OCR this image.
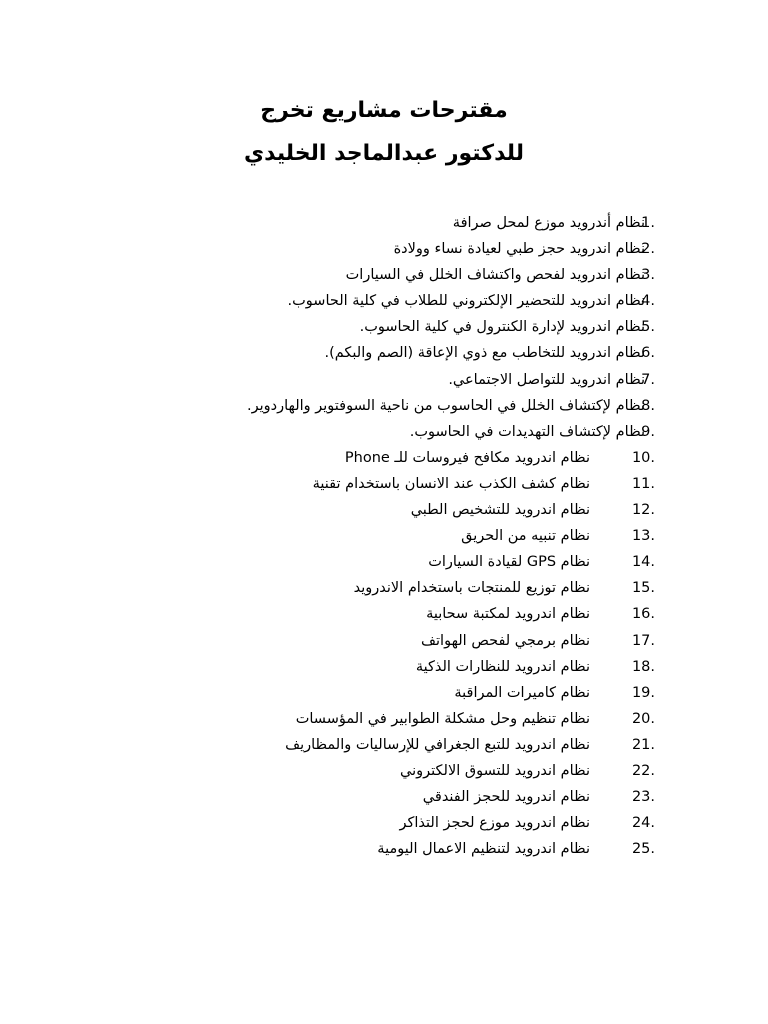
مقترحات مشاريع تخرج
للدكتور عبدالماجد الخليدي
1.
نظام أندرويد موزع لمحل صرافة
2.
نظام اندرويد حجز طبي لعيادة نساء وولادة
3.
نظام اندرويد لفحص واكتشاف الخلل في السيارات
4.
نظام اندرويد للتحضير الإلكتروني للطلاب في كلية الحاسوب.
5.
نظام اندرويد لإدارة الكنترول في كلية الحاسوب.
6.
نظام اندرويد للتخاطب مع ذوي الإعاقة (الصم والبكم).
7.
نظام اندرويد للتواصل الاجتماعي.
8.
نظام لإكتشاف الخلل في الحاسوب من ناحية السوفتوير والهاردوير.
9.
نظام لإكتشاف التهديدات في الحاسوب.
10.
نظام اندرويد مكافح فيروسات للـ Phone
11.
نظام كشف الكذب عند الانسان باستخدام تقنية
12.
نظام اندرويد للتشخيص الطبي
13.
نظام تنبيه من الحريق
14.
نظام GPS لقيادة السيارات
15.
نظام توزيع للمنتجات باستخدام الاندرويد
16.
نظام اندرويد لمكتبة سحابية
17.
نظام برمجي لفحص الهواتف
18.
نظام اندرويد للنظارات الذكية
19.
نظام كاميرات المراقبة
20.
نظام تنظيم وحل مشكلة الطوابير في المؤسسات
21.
نظام اندرويد للتبع الجغرافي للإرساليات والمظاريف
22.
نظام اندرويد للتسوق الالكتروني
23.
نظام اندرويد للحجز الفندقي
24.
نظام اندرويد موزع لحجز التذاكر
25.
نظام اندرويد لتنظيم الاعمال اليومية
